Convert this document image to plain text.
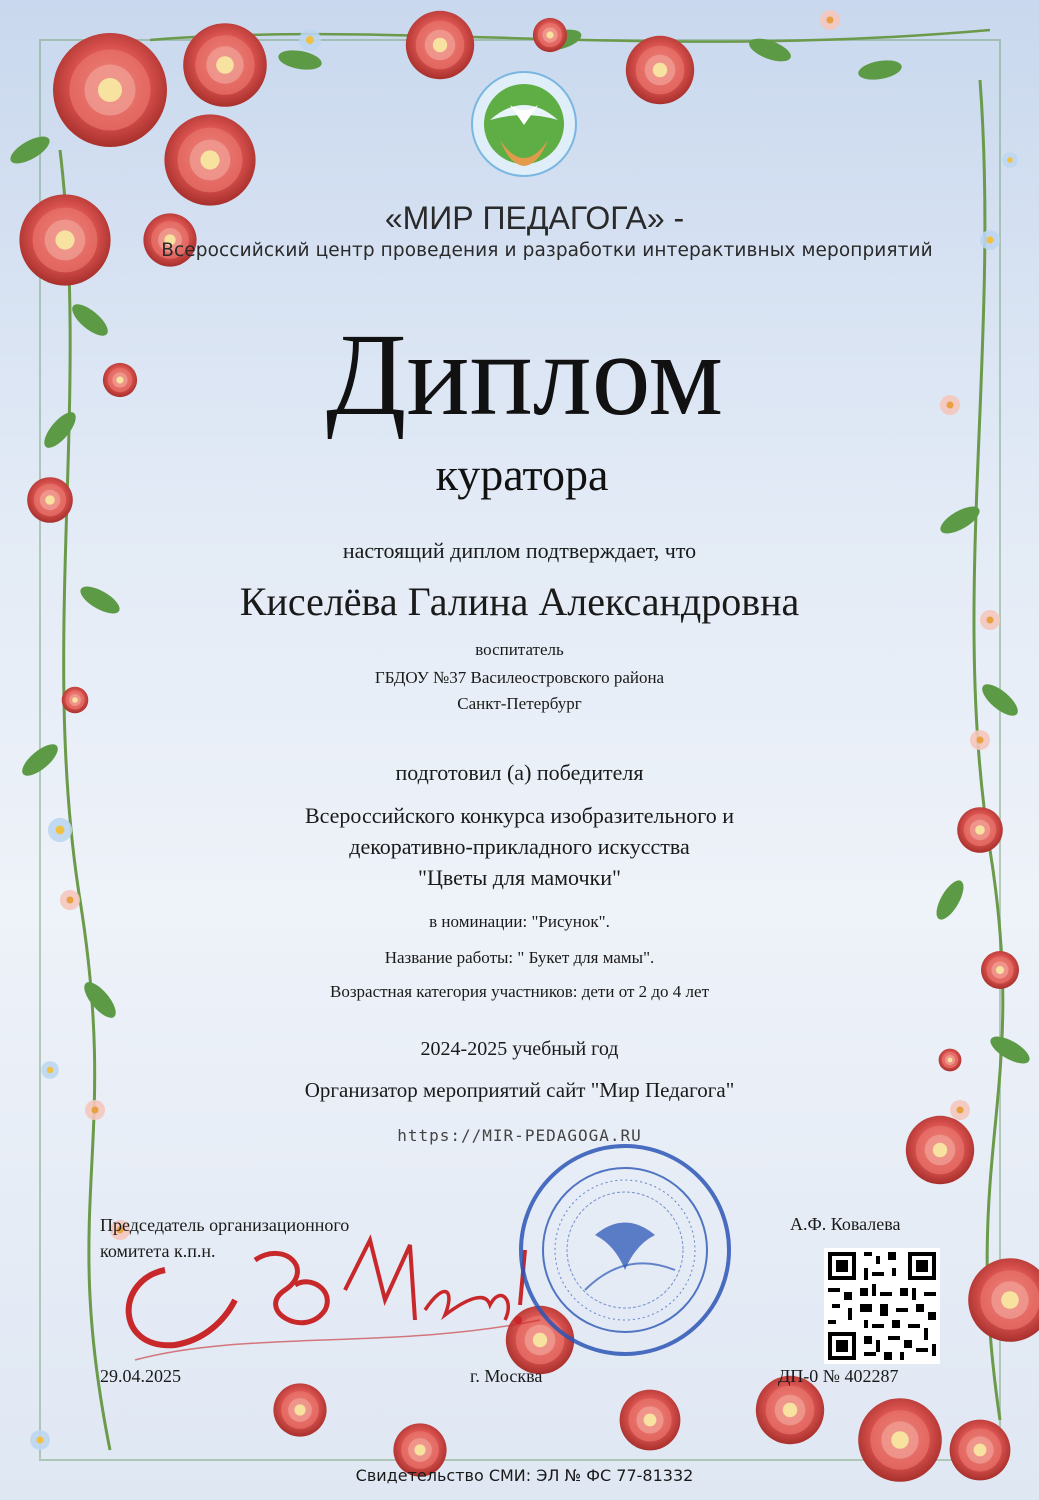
«МИР ПЕДАГОГА» -
Всероссийский центр проведения и разработки интерактивных мероприятий
Диплом
куратора
настоящий диплом подтверждает, что
Киселёва Галина Александровна
воспитатель
ГБДОУ №37 Василеостровского района
Санкт-Петербург
подготовил (а) победителя
Всероссийского конкурса изобразительного и
декоративно-прикладного искусства
"Цветы для мамочки"
в номинации: "Рисунок".
Название работы: " Букет для мамы".
Возрастная категория участников: дети от 2 до 4 лет
2024-2025 учебный год
Организатор мероприятий сайт "Мир Педагога"
https://MIR-PEDAGOGA.RU
Председатель организационного
комитета к.п.н.
А.Ф. Ковалева
29.04.2025	г. Москва	ДП-0 № 402287
Свидетельство СМИ: ЭЛ № ФС 77-81332
